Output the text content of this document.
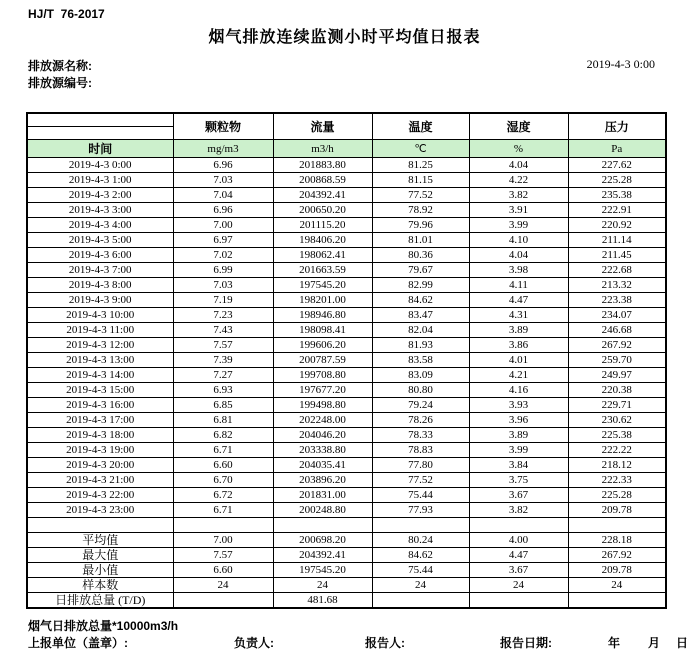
HJ/T  76-2017
烟气排放连续监测小时平均值日报表
2019-4-3 0:00
排放源名称:
排放源编号:
	颗粒物	流量	温度	湿度	压力

时间	mg/m3	m3/h	℃	%	Pa
2019-4-3 0:00	6.96	201883.80	81.25	4.04	227.62
2019-4-3 1:00	7.03	200868.59	81.15	4.22	225.28
2019-4-3 2:00	7.04	204392.41	77.52	3.82	235.38
2019-4-3 3:00	6.96	200650.20	78.92	3.91	222.91
2019-4-3 4:00	7.00	201115.20	79.96	3.99	220.92
2019-4-3 5:00	6.97	198406.20	81.01	4.10	211.14
2019-4-3 6:00	7.02	198062.41	80.36	4.04	211.45
2019-4-3 7:00	6.99	201663.59	79.67	3.98	222.68
2019-4-3 8:00	7.03	197545.20	82.99	4.11	213.32
2019-4-3 9:00	7.19	198201.00	84.62	4.47	223.38
2019-4-3 10:00	7.23	198946.80	83.47	4.31	234.07
2019-4-3 11:00	7.43	198098.41	82.04	3.89	246.68
2019-4-3 12:00	7.57	199606.20	81.93	3.86	267.92
2019-4-3 13:00	7.39	200787.59	83.58	4.01	259.70
2019-4-3 14:00	7.27	199708.80	83.09	4.21	249.97
2019-4-3 15:00	6.93	197677.20	80.80	4.16	220.38
2019-4-3 16:00	6.85	199498.80	79.24	3.93	229.71
2019-4-3 17:00	6.81	202248.00	78.26	3.96	230.62
2019-4-3 18:00	6.82	204046.20	78.33	3.89	225.38
2019-4-3 19:00	6.71	203338.80	78.83	3.99	222.22
2019-4-3 20:00	6.60	204035.41	77.80	3.84	218.12
2019-4-3 21:00	6.70	203896.20	77.52	3.75	222.33
2019-4-3 22:00	6.72	201831.00	75.44	3.67	225.28
2019-4-3 23:00	6.71	200248.80	77.93	3.82	209.78

平均值	7.00	200698.20	80.24	4.00	228.18
最大值	7.57	204392.41	84.62	4.47	267.92
最小值	6.60	197545.20	75.44	3.67	209.78
样本数	24	24	24	24	24
日排放总量 (T/D)		481.68			
烟气日排放总量*10000m3/h
上报单位（盖章）:	负责人:	报告人:	报告日期:	年 月 日
